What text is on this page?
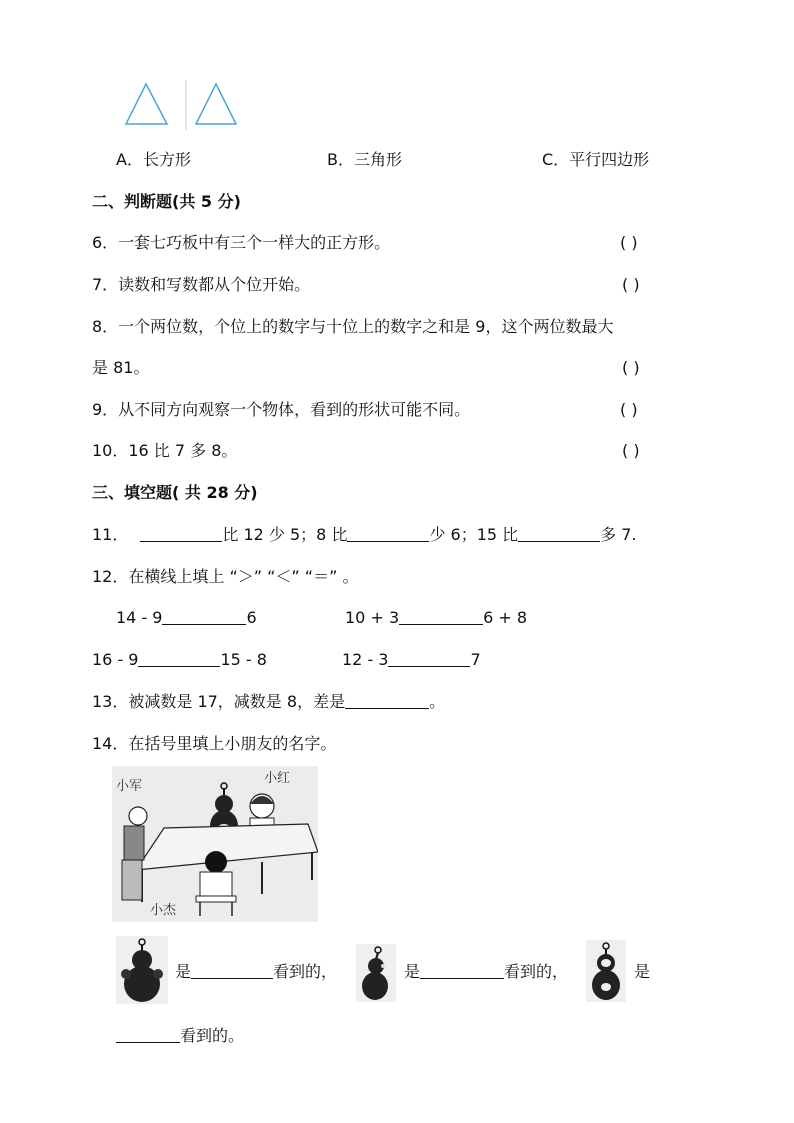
A．长方形	B．三角形	C．平行四边形
二、判断题(共 5 分)
6．一套七巧板中有三个一样大的正方形。	( )
7．读数和写数都从个位开始。	( )
8．一个两位数，个位上的数字与十位上的数字之和是 9，这个两位数最大
是 81。	( )
9．从不同方向观察一个物体，看到的形状可能不同。	( )
10．16 比 7 多 8。	( )
三、填空题( 共 28 分)
11．	比 12 少 5；8 比	少 6；15 比	多 7.
12．在横线上填上 “＞” “＜” “＝” 。
14 - 9	6	10 + 3	6 + 8
16 - 9	15 - 8	12 - 3	7
13．被减数是 17，减数是 8，差是	。
14．在括号里填上小朋友的名字。
小军
小红
小杰
是	看到的，	是	看到的，	是
看到的。
